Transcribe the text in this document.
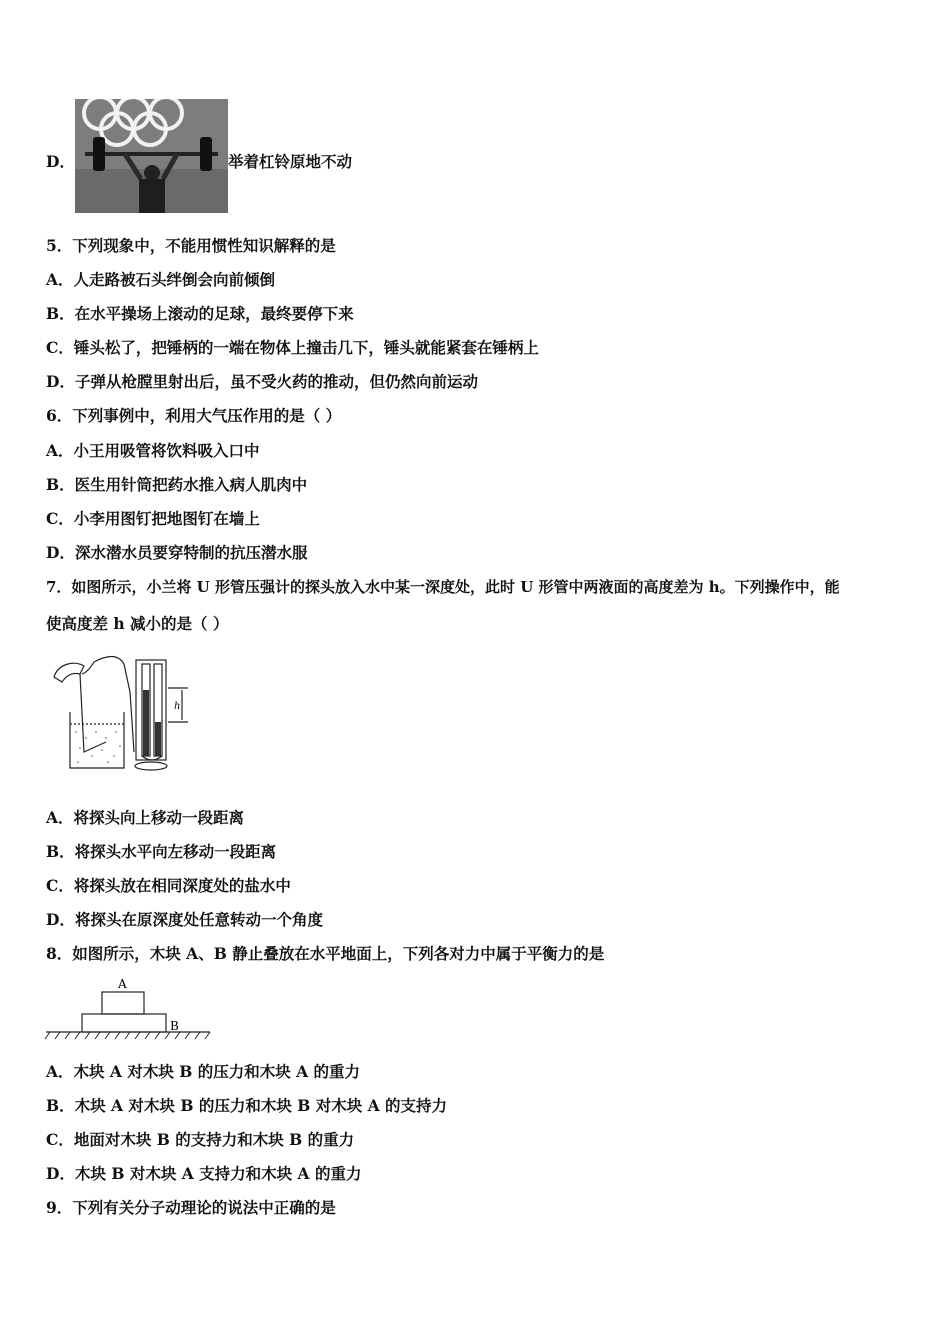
D．	举着杠铃原地不动
5．下列现象中，不能用惯性知识解释的是
A．人走路被石头绊倒会向前倾倒
B．在水平操场上滚动的足球，最终要停下来
C．锤头松了，把锤柄的一端在物体上撞击几下，锤头就能紧套在锤柄上
D．子弹从枪膛里射出后，虽不受火药的推动，但仍然向前运动
6．下列事例中，利用大气压作用的是（ ）
A．小王用吸管将饮料吸入口中
B．医生用针筒把药水推入病人肌肉中
C．小李用图钉把地图钉在墙上
D．深水潜水员要穿特制的抗压潜水服
7．如图所示，小兰将 U 形管压强计的探头放入水中某一深度处，此时 U 形管中两液面的高度差为 h。下列操作中，能
使高度差 h 减小的是（ ）
h
A．将探头向上移动一段距离
B．将探头水平向左移动一段距离
C．将探头放在相同深度处的盐水中
D．将探头在原深度处任意转动一个角度
8．如图所示，木块 A、B 静止叠放在水平地面上，下列各对力中属于平衡力的是
A
B
A．木块 A 对木块 B 的压力和木块 A 的重力
B．木块 A 对木块 B 的压力和木块 B 对木块 A 的支持力
C．地面对木块 B 的支持力和木块 B 的重力
D．木块 B 对木块 A 支持力和木块 A 的重力
9．下列有关分子动理论的说法中正确的是
